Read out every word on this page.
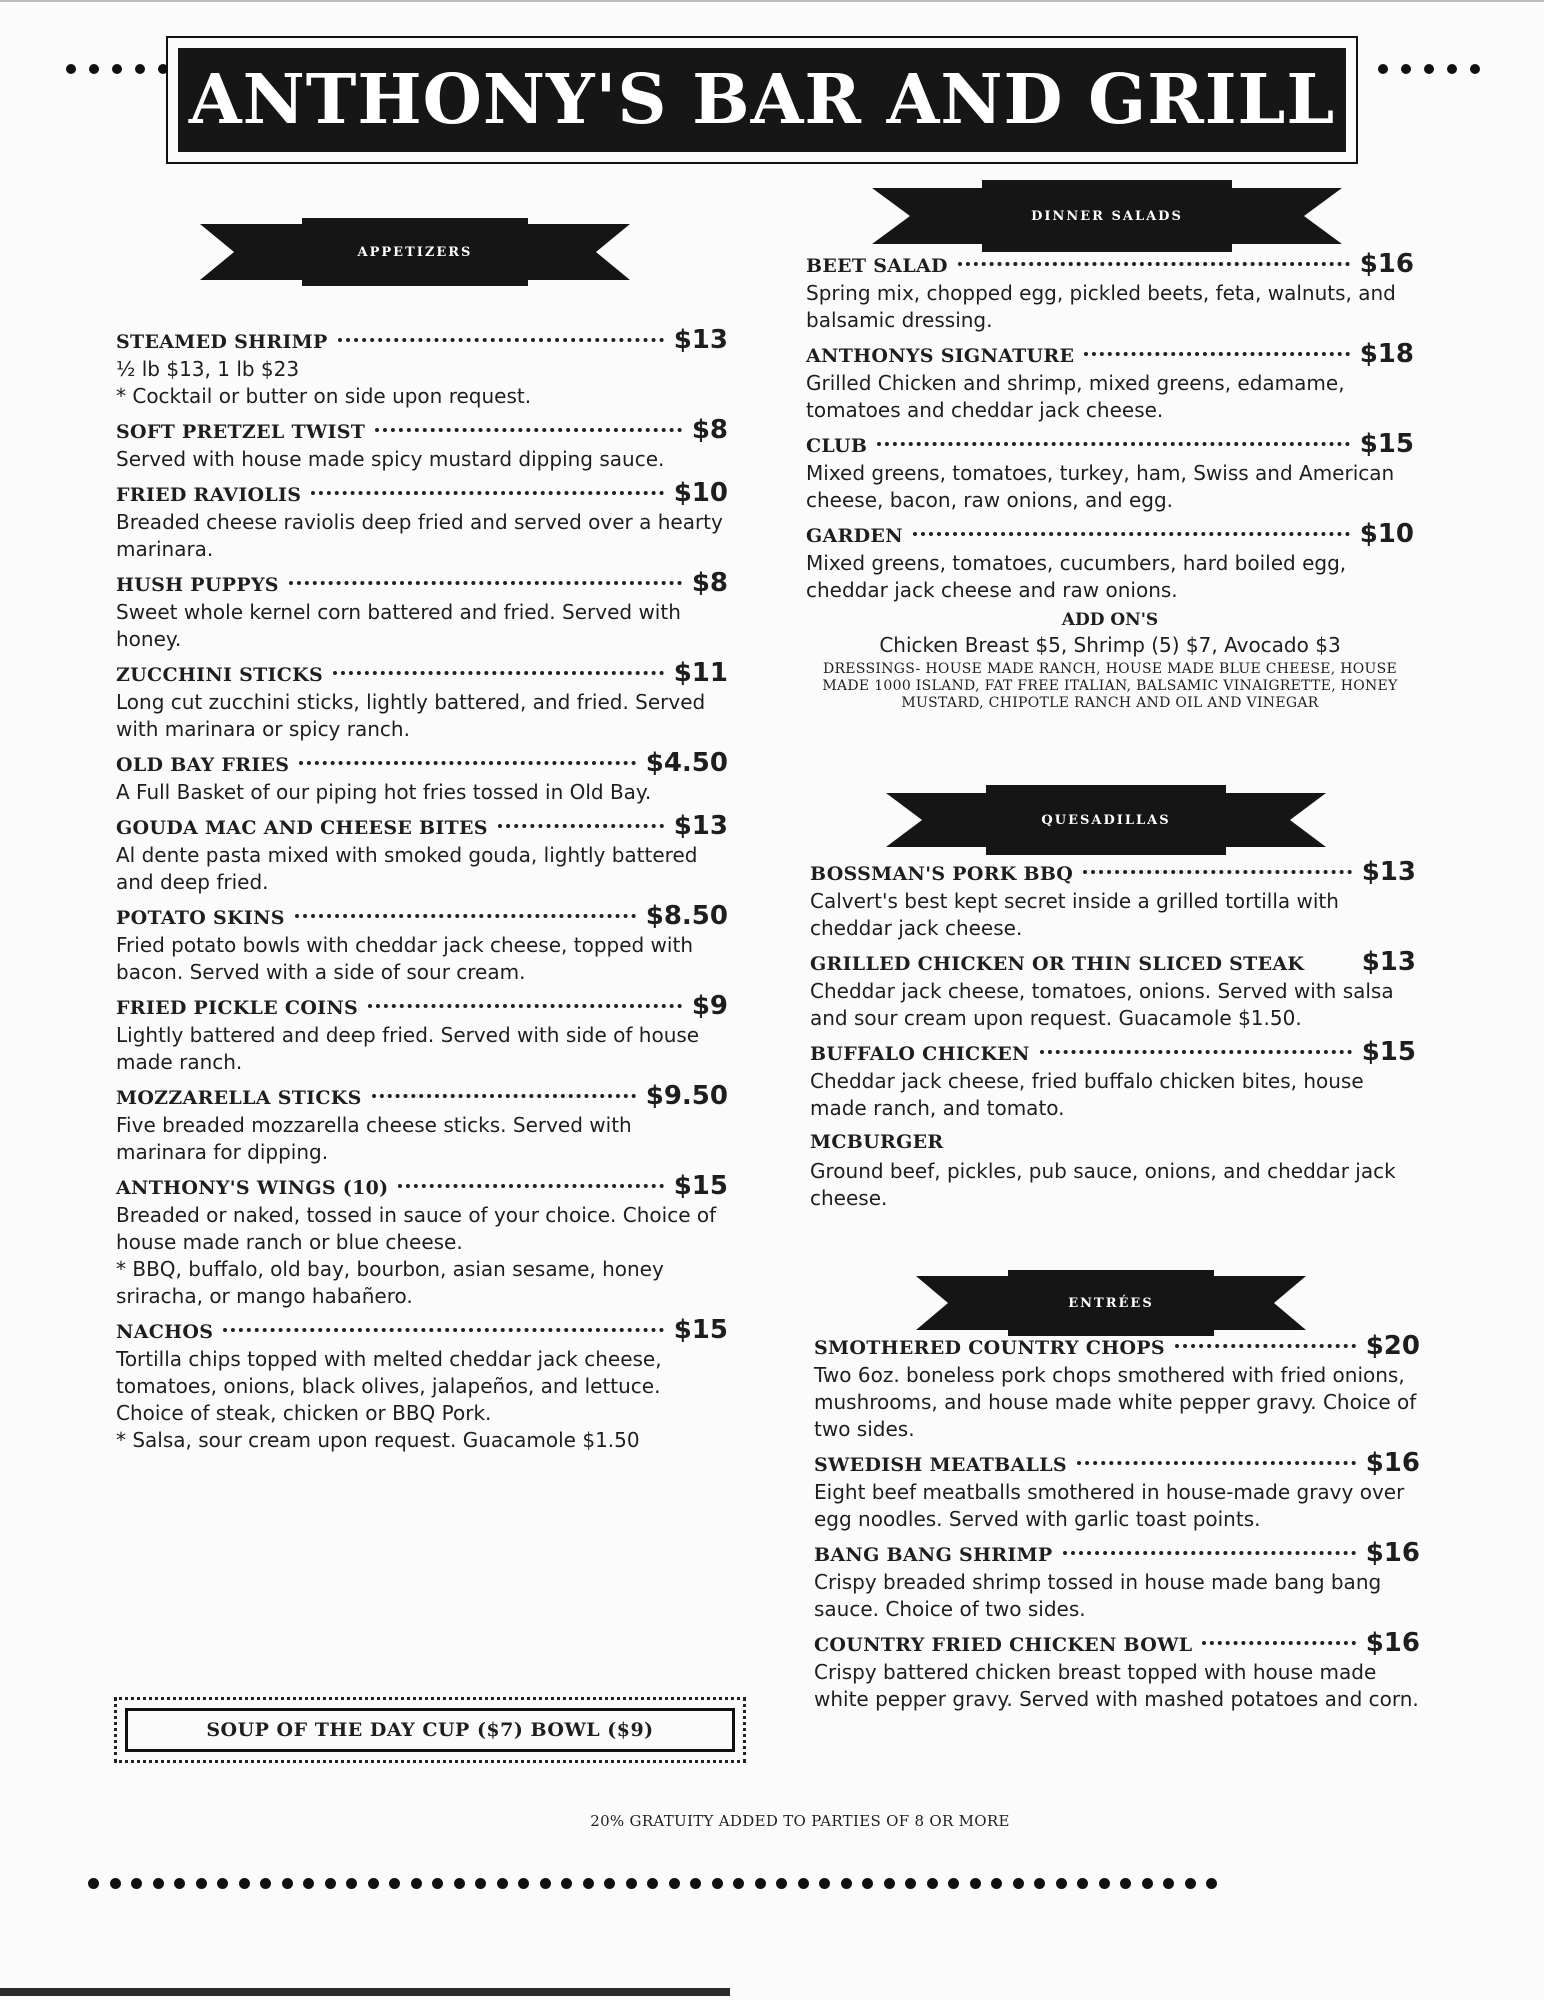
ANTHONY'S BAR AND GRILL
APPETIZERS
DINNER SALADS
QUESADILLAS
ENTRÉES
STEAMED SHRIMP	$13
½ lb $13, 1 lb $23
* Cocktail or butter on side upon request.
SOFT PRETZEL TWIST	$8
Served with house made spicy mustard dipping sauce.
FRIED RAVIOLIS	$10
Breaded cheese raviolis deep fried and served over a hearty marinara.
HUSH PUPPYS	$8
Sweet whole kernel corn battered and fried. Served with honey.
ZUCCHINI STICKS	$11
Long cut zucchini sticks, lightly battered, and fried. Served with marinara or spicy ranch.
OLD BAY FRIES	$4.50
A Full Basket of our piping hot fries tossed in Old Bay.
GOUDA MAC AND CHEESE BITES	$13
Al dente pasta mixed with smoked gouda, lightly battered and deep fried.
POTATO SKINS	$8.50
Fried potato bowls with cheddar jack cheese, topped with bacon. Served with a side of sour cream.
FRIED PICKLE COINS	$9
Lightly battered and deep fried. Served with side of house made ranch.
MOZZARELLA STICKS	$9.50
Five breaded mozzarella cheese sticks. Served with marinara for dipping.
ANTHONY'S WINGS (10)	$15
Breaded or naked, tossed in sauce of your choice. Choice of house made ranch or blue cheese.
* BBQ, buffalo, old bay, bourbon, asian sesame, honey sriracha, or mango habañero.
NACHOS	$15
Tortilla chips topped with melted cheddar jack cheese, tomatoes, onions, black olives, jalapeños, and lettuce. Choice of steak, chicken or BBQ Pork.
* Salsa, sour cream upon request. Guacamole $1.50
SOUP OF THE DAY CUP ($7) BOWL ($9)
BEET SALAD	$16
Spring mix, chopped egg, pickled beets, feta, walnuts, and balsamic dressing.
ANTHONYS SIGNATURE	$18
Grilled Chicken and shrimp, mixed greens, edamame, tomatoes and cheddar jack cheese.
CLUB	$15
Mixed greens, tomatoes, turkey, ham, Swiss and American cheese, bacon, raw onions, and egg.
GARDEN	$10
Mixed greens, tomatoes, cucumbers, hard boiled egg, cheddar jack cheese and raw onions.
ADD ON'S
Chicken Breast $5, Shrimp (5) $7, Avocado $3
DRESSINGS- HOUSE MADE RANCH, HOUSE MADE BLUE CHEESE, HOUSE MADE 1000 ISLAND, FAT FREE ITALIAN, BALSAMIC VINAIGRETTE, HONEY MUSTARD, CHIPOTLE RANCH AND OIL AND VINEGAR
BOSSMAN'S PORK BBQ	$13
Calvert's best kept secret inside a grilled tortilla with cheddar jack cheese.
GRILLED CHICKEN OR THIN SLICED STEAK $13
Cheddar jack cheese, tomatoes, onions. Served with salsa and sour cream upon request. Guacamole $1.50.
BUFFALO CHICKEN	$15
Cheddar jack cheese, fried buffalo chicken bites, house made ranch, and tomato.
MCBURGER
Ground beef, pickles, pub sauce, onions, and cheddar jack cheese.
SMOTHERED COUNTRY CHOPS	$20
Two 6oz. boneless pork chops smothered with fried onions, mushrooms, and house made white pepper gravy. Choice of two sides.
SWEDISH MEATBALLS	$16
Eight beef meatballs smothered in house-made gravy over egg noodles. Served with garlic toast points.
BANG BANG SHRIMP	$16
Crispy breaded shrimp tossed in house made bang bang sauce. Choice of two sides.
COUNTRY FRIED CHICKEN BOWL	$16
Crispy battered chicken breast topped with house made white pepper gravy. Served with mashed potatoes and corn.
20% GRATUITY ADDED TO PARTIES OF 8 OR MORE
